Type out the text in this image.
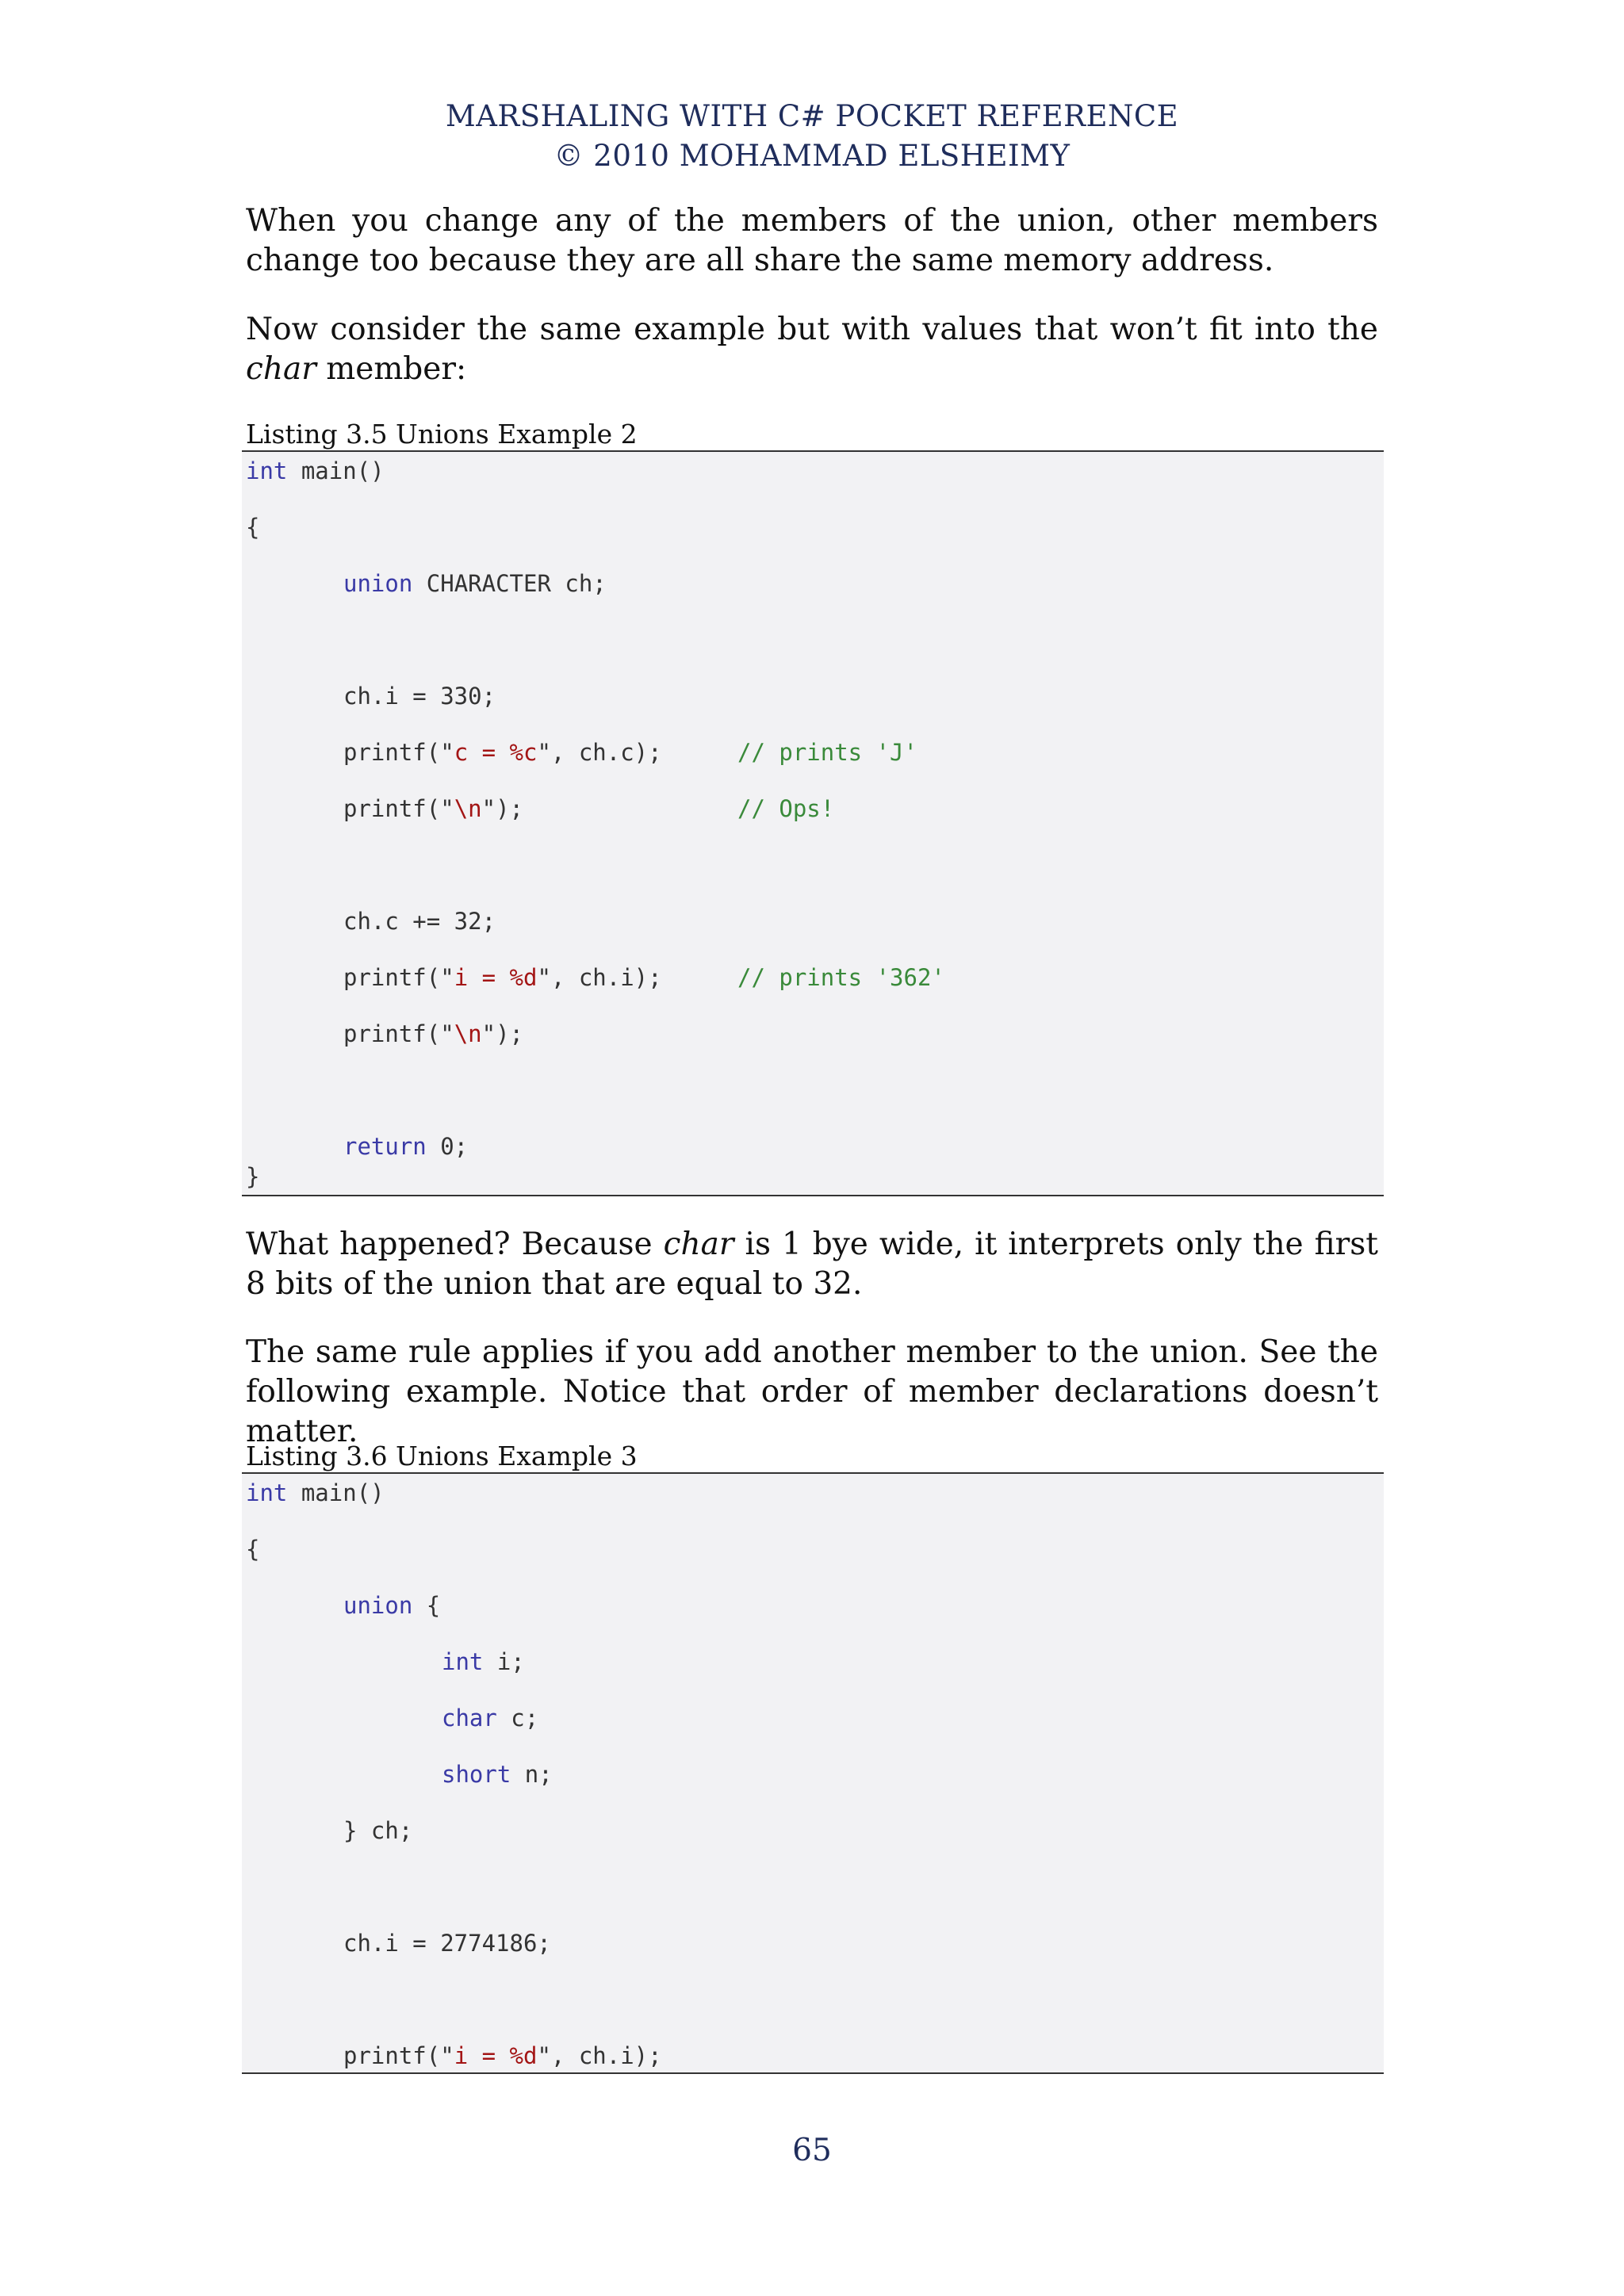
MARSHALING WITH C# POCKET REFERENCE
© 2010 MOHAMMAD ELSHEIMY

When you change any of the members of the union, other members change too because they are all share the same memory address.

Now consider the same example but with values that won’t fit into the char member:

Listing 3.5 Unions Example 2
int main()
{
union CHARACTER ch;
ch.i = 330;
printf("c = %c", ch.c);	// prints 'J'
printf("\n");	// Ops!
ch.c += 32;
printf("i = %d", ch.i);	// prints '362'
printf("\n");
return 0;
}

What happened? Because char is 1 bye wide, it interprets only the first 8 bits of the union that are equal to 32.

The same rule applies if you add another member to the union. See the following example. Notice that order of member declarations doesn’t matter.

Listing 3.6 Unions Example 3
int main()
{
union {
int i;
char c;
short n;
} ch;
ch.i = 2774186;
printf("i = %d", ch.i);
65
